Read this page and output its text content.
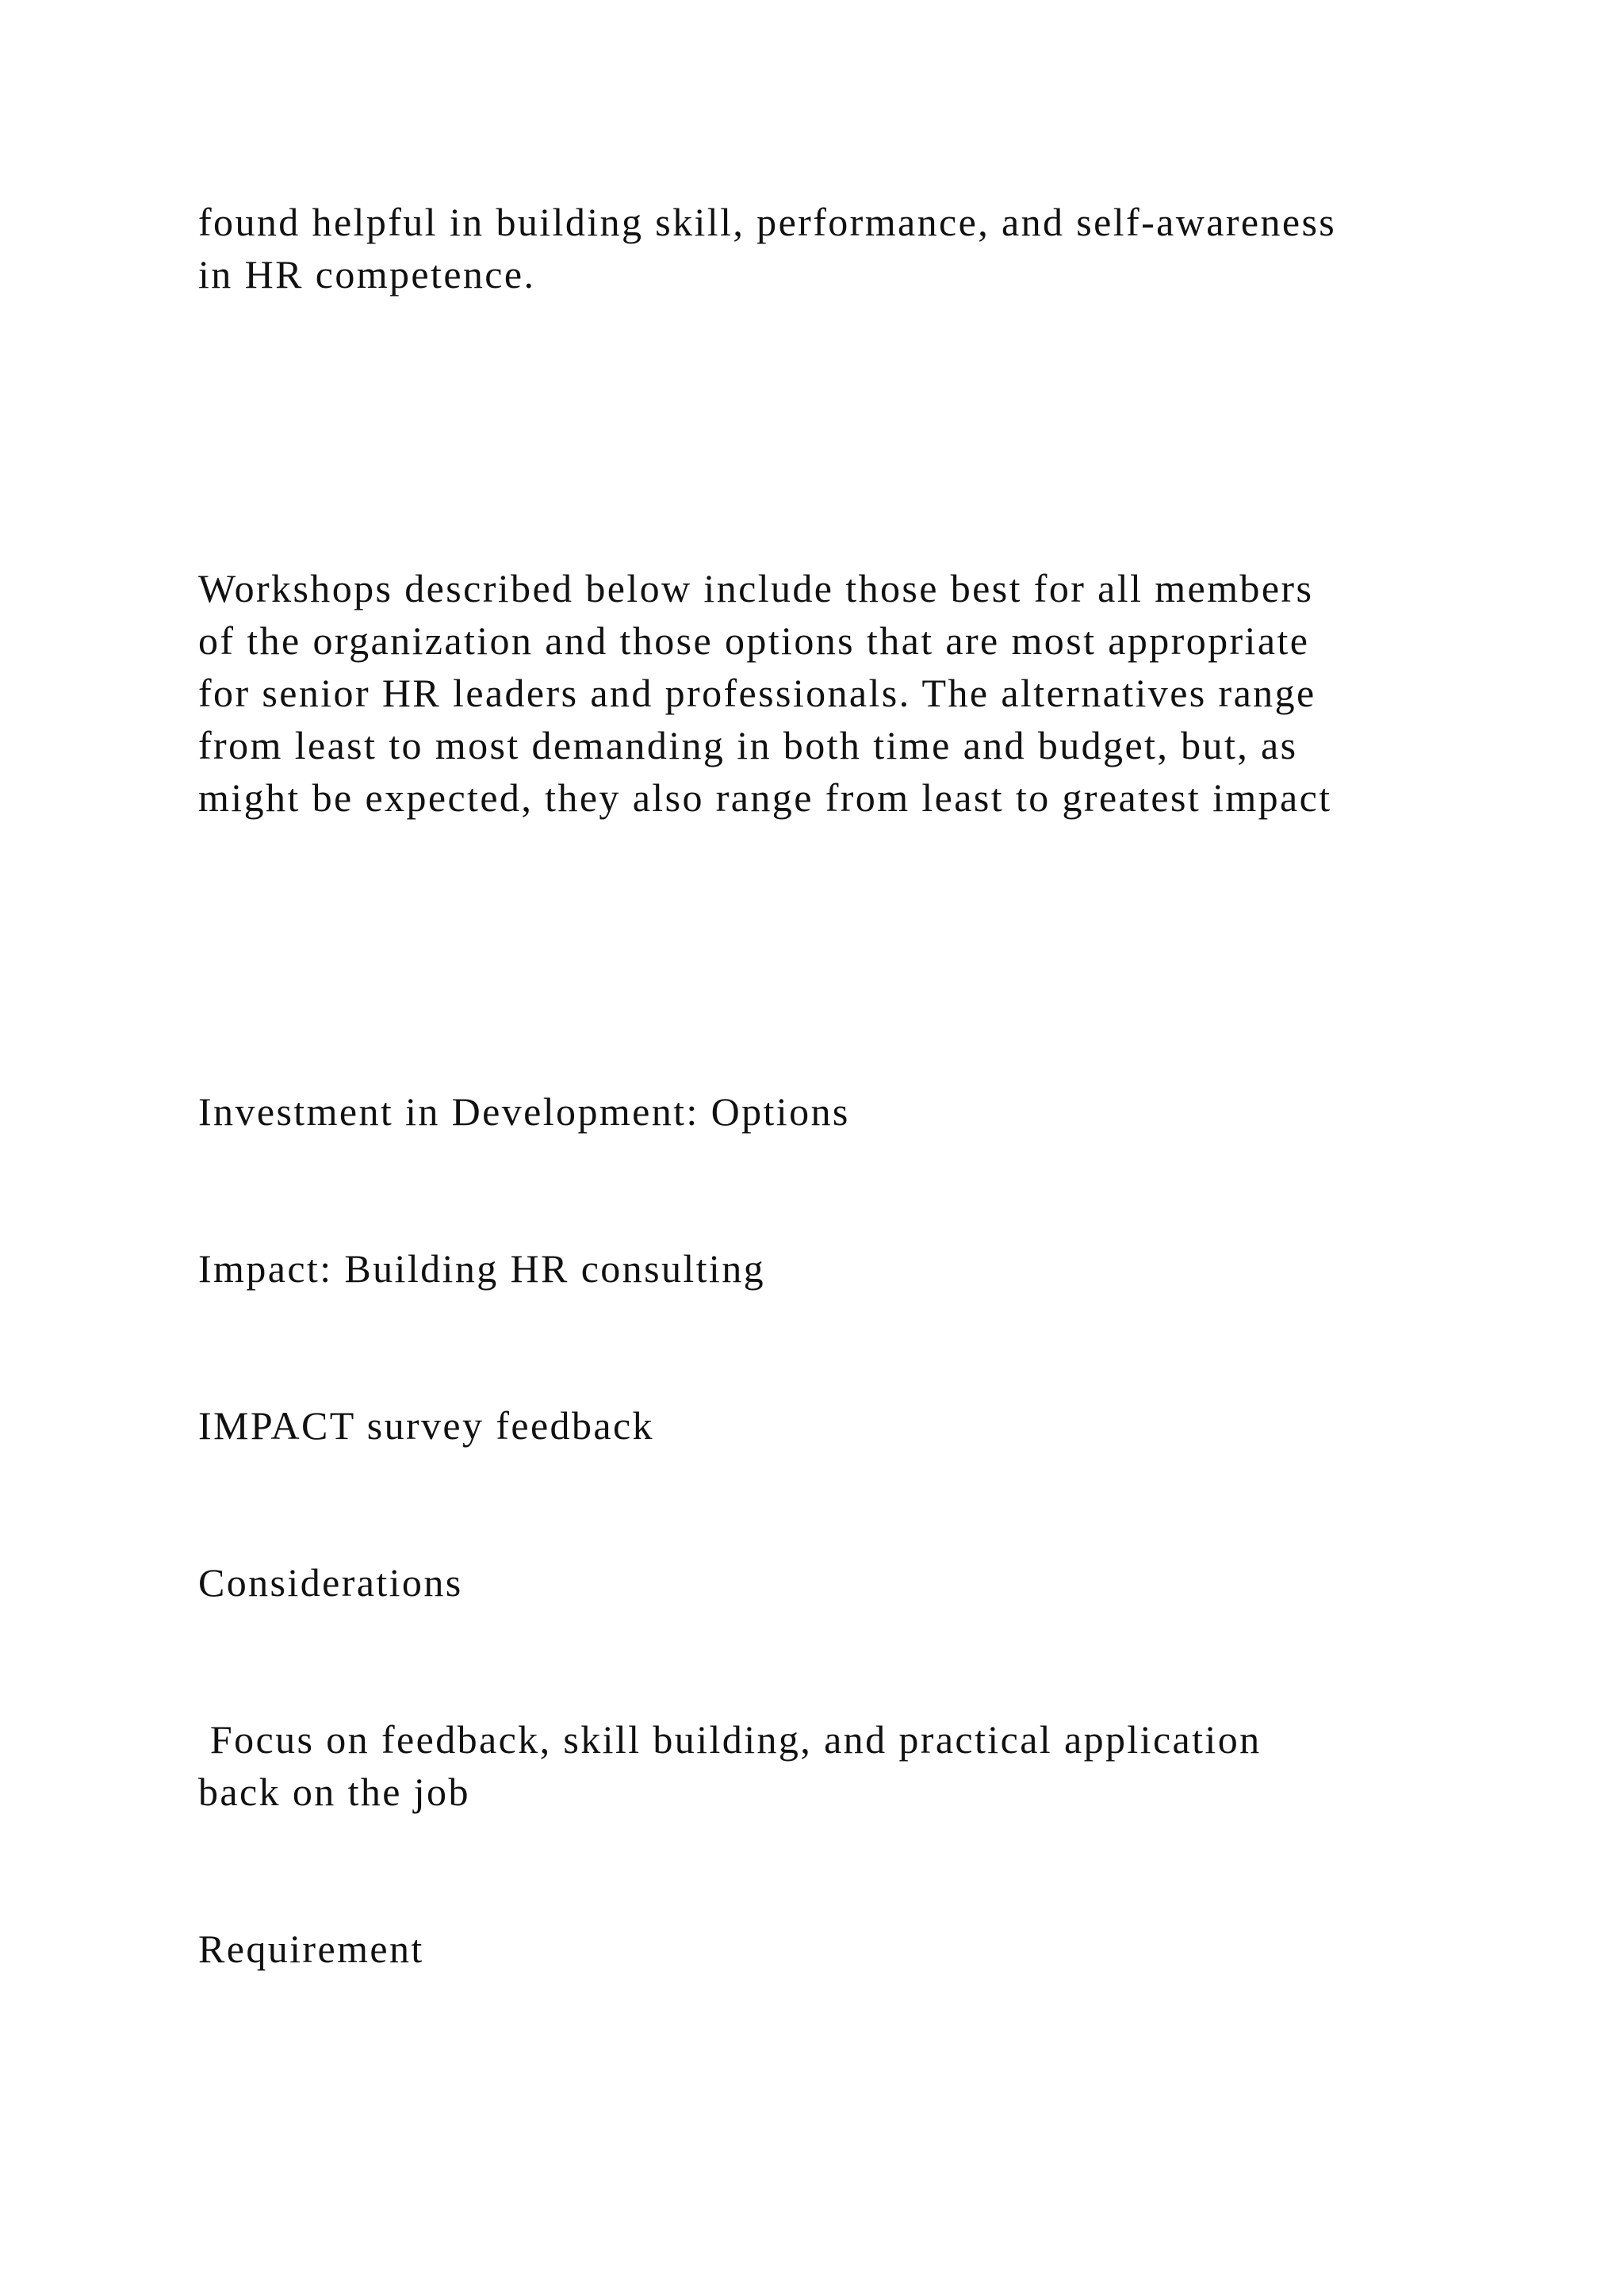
found helpful in building skill, performance, and self-awareness

in HR competence.

Workshops described below include those best for all members

of the organization and those options that are most appropriate

for senior HR leaders and professionals. The alternatives range

from least to most demanding in both time and budget, but, as

might be expected, they also range from least to greatest impact

Investment in Development: Options

Impact: Building HR consulting

IMPACT survey feedback

Considerations

Focus on feedback, skill building, and practical application

back on the job

Requirement
